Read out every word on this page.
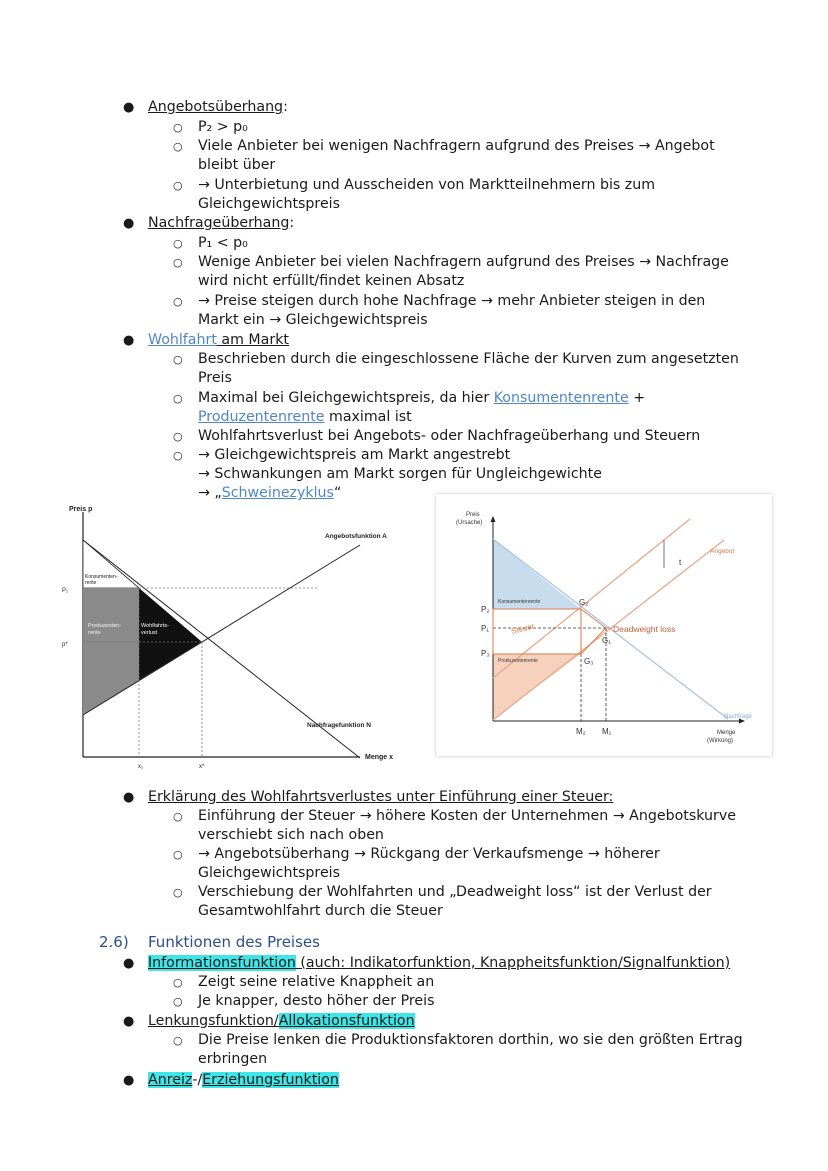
● Angebotsüberhang:
○ P₂ > p₀
○ Viele Anbieter bei wenigen Nachfragern aufgrund des Preises → Angebot
bleibt über
○ → Unterbietung und Ausscheiden von Marktteilnehmern bis zum
Gleichgewichtspreis
● Nachfrageüberhang:
○ P₁ < p₀
○ Wenige Anbieter bei vielen Nachfragern aufgrund des Preises → Nachfrage
wird nicht erfüllt/findet keinen Absatz
○ → Preise steigen durch hohe Nachfrage → mehr Anbieter steigen in den
Markt ein → Gleichgewichtspreis
● Wohlfahrt am Markt
○ Beschrieben durch die eingeschlossene Fläche der Kurven zum angesetzten
Preis
○ Maximal bei Gleichgewichtspreis, da hier Konsumentenrente +
Produzentenrente maximal ist
○ Wohlfahrtsverlust bei Angebots- oder Nachfrageüberhang und Steuern
○ → Gleichgewichtspreis am Markt angestrebt
→ Schwankungen am Markt sorgen für Ungleichgewichte
→ „Schweinezyklus“
Preis p
Menge x
Angebotsfunktion A
Nachfragefunktion N
P₁
p*
x₁	x*
Konsumenten-
rente
Produzenten-
rente
Wohlfahrts-
verlust
Preis
(Ursache)
Menge
(Wirkung)
Angebot
Nachfrage
t
P₂
P₁
P₃
G₂
G₁
G₃
M₂ M₁
Konsumentenrente
Produzentenrente
Steuer	Deadweight loss
● Erklärung des Wohlfahrtsverlustes unter Einführung einer Steuer:
○ Einführung der Steuer → höhere Kosten der Unternehmen → Angebotskurve
verschiebt sich nach oben
○ → Angebotsüberhang → Rückgang der Verkaufsmenge → höherer
Gleichgewichtspreis
○ Verschiebung der Wohlfahrten und „Deadweight loss“ ist der Verlust der
Gesamtwohlfahrt durch die Steuer
2.6) Funktionen des Preises
● Informationsfunktion (auch: Indikatorfunktion, Knappheitsfunktion/Signalfunktion)
○ Zeigt seine relative Knappheit an
○ Je knapper, desto höher der Preis
● Lenkungsfunktion/Allokationsfunktion
○ Die Preise lenken die Produktionsfaktoren dorthin, wo sie den größten Ertrag
erbringen
● Anreiz-/Erziehungsfunktion
